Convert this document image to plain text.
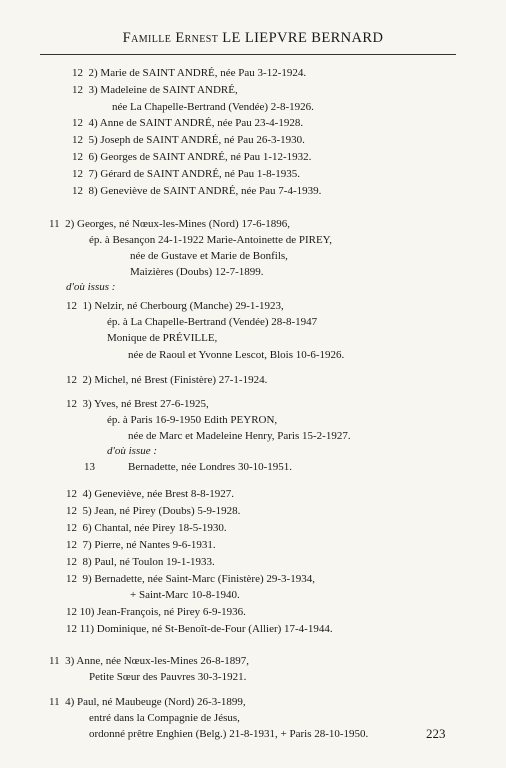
Famille Ernest LE LIEPVRE BERNARD
12  2) Marie de SAINT ANDRÉ, née Pau 3-12-1924.
12  3) Madeleine de SAINT ANDRÉ,
née La Chapelle-Bertrand (Vendée) 2-8-1926.
12  4) Anne de SAINT ANDRÉ, née Pau 23-4-1928.
12  5) Joseph de SAINT ANDRÉ, né Pau 26-3-1930.
12  6) Georges de SAINT ANDRÉ, né Pau 1-12-1932.
12  7) Gérard de SAINT ANDRÉ, né Pau 1-8-1935.
12  8) Geneviève de SAINT ANDRÉ, née Pau 7-4-1939.
11  2) Georges, né Nœux-les-Mines (Nord) 17-6-1896,
ép. à Besançon 24-1-1922 Marie-Antoinette de PIREY,
née de Gustave et Marie de Bonfils,
Maizières (Doubs) 12-7-1899.
d'où issus :
12  1) Nelzir, né Cherbourg (Manche) 29-1-1923,
ép. à La Chapelle-Bertrand (Vendée) 28-8-1947
Monique de PRÉVILLE,
née de Raoul et Yvonne Lescot, Blois 10-6-1926.
12  2) Michel, né Brest (Finistère) 27-1-1924.
12  3) Yves, né Brest 27-6-1925,
ép. à Paris 16-9-1950 Edith PEYRON,
née de Marc et Madeleine Henry, Paris 15-2-1927.
d'où issue :
13	Bernadette, née Londres 30-10-1951.
12  4) Geneviève, née Brest 8-8-1927.
12  5) Jean, né Pirey (Doubs) 5-9-1928.
12  6) Chantal, née Pirey 18-5-1930.
12  7) Pierre, né Nantes 9-6-1931.
12  8) Paul, né Toulon 19-1-1933.
12  9) Bernadette, née Saint-Marc (Finistère) 29-3-1934,
+ Saint-Marc 10-8-1940.
12 10) Jean-François, né Pirey 6-9-1936.
12 11) Dominique, né St-Benoît-de-Four (Allier) 17-4-1944.
11  3) Anne, née Nœux-les-Mines 26-8-1897,
Petite Sœur des Pauvres 30-3-1921.
11  4) Paul, né Maubeuge (Nord) 26-3-1899,
entré dans la Compagnie de Jésus,
ordonné prêtre Enghien (Belg.) 21-8-1931, + Paris 28-10-1950.	223
